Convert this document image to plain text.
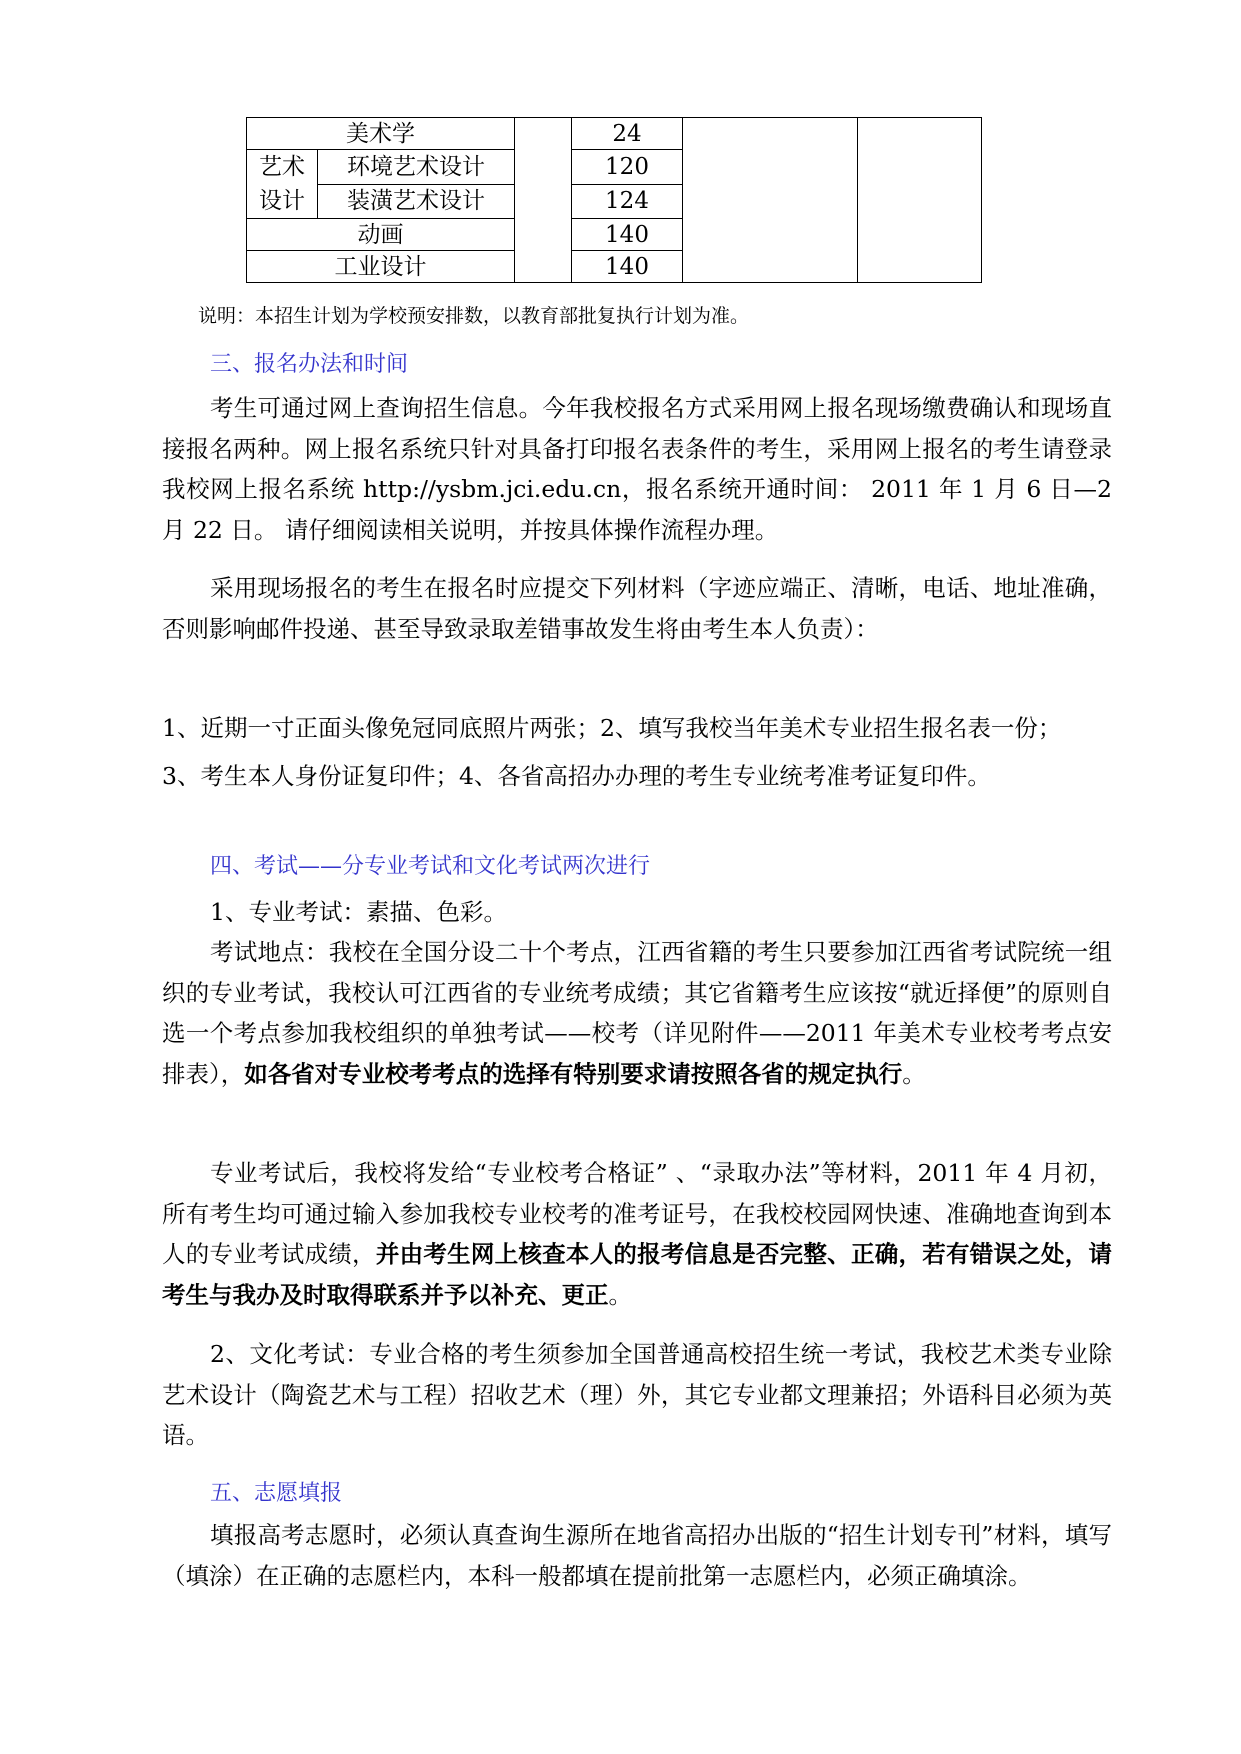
美术学			24		

艺术
设计	环境艺术设计		120		
	装潢艺术设计		124		
动画			140		
工业设计			140		
说明：本招生计划为学校预安排数，以教育部批复执行计划为准。
三、报名办法和时间
考生可通过网上查询招生信息。今年我校报名方式采用网上报名现场缴费确认和现场直接报名两种。网上报名系统只针对具备打印报名表条件的考生，采用网上报名的考生请登录我校网上报名系统 http://ysbm.jci.edu.cn，报名系统开通时间： 2011 年 1 月 6 日—2 月 22 日。 请仔细阅读相关说明，并按具体操作流程办理。
采用现场报名的考生在报名时应提交下列材料（字迹应端正、清晰，电话、地址准确，否则影响邮件投递、甚至导致录取差错事故发生将由考生本人负责）：
1、近期一寸正面头像免冠同底照片两张；2、填写我校当年美术专业招生报名表一份；
3、考生本人身份证复印件；4、各省高招办办理的考生专业统考准考证复印件。
四、考试——分专业考试和文化考试两次进行
1、专业考试：素描、色彩。
考试地点：我校在全国分设二十个考点，江西省籍的考生只要参加江西省考试院统一组织的专业考试，我校认可江西省的专业统考成绩；其它省籍考生应该按“就近择便”的原则自选一个考点参加我校组织的单独考试——校考（详见附件——2011 年美术专业校考考点安排表），如各省对专业校考考点的选择有特别要求请按照各省的规定执行。
专业考试后，我校将发给“专业校考合格证” 、“录取办法”等材料，2011 年 4 月初，所有考生均可通过输入参加我校专业校考的准考证号，在我校校园网快速、准确地查询到本人的专业考试成绩，并由考生网上核查本人的报考信息是否完整、正确，若有错误之处，请考生与我办及时取得联系并予以补充、更正。
2、文化考试：专业合格的考生须参加全国普通高校招生统一考试，我校艺术类专业除艺术设计（陶瓷艺术与工程）招收艺术（理）外，其它专业都文理兼招；外语科目必须为英语。
五、志愿填报
填报高考志愿时，必须认真查询生源所在地省高招办出版的“招生计划专刊”材料，填写（填涂）在正确的志愿栏内，本科一般都填在提前批第一志愿栏内，必须正确填涂。
